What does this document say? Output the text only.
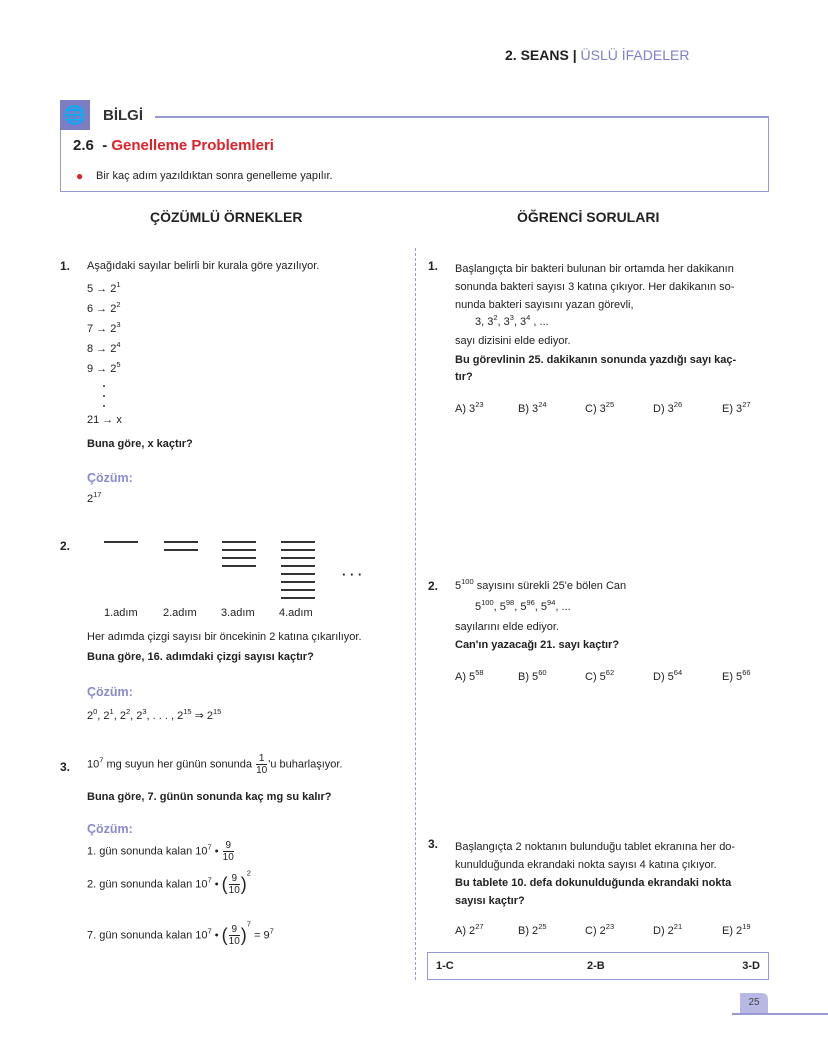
2. SEANS | ÜSLÜ İFADELER
🌐 BİLGİ
2.6 - Genelleme Problemleri
● Bir kaç adım yazıldıktan sonra genelleme yapılır.
ÇÖZÜMLÜ ÖRNEKLER	ÖĞRENCİ SORULARI
1. Aşağıdaki sayılar belirli bir kurala göre yazılıyor.
$5 \to 2^1$
$6 \to 2^2$
$7 \to 2^3$
$8 \to 2^4$
$9 \to 2^5$
21 → x
Buna göre, x kaçtır?
Çözüm:
$2^{17}$
2.
· · ·
1.adım 2.adım 3.adım 4.adım
Her adımda çizgi sayısı bir öncekinin 2 katına çıkarılıyor.
Buna göre, 16. adımdaki çizgi sayısı kaçtır?
Çözüm:
$2^0$, $2^1$, $2^2$, $2^3$, . . . , $2^{15}$ ⇒ $2^{15}$
3. $10^7$ mg suyun her günün sonunda $\frac{1}{10}$ 'u buharlaşıyor.
Buna göre, 7. günün sonunda kaç mg su kalır?
Çözüm:
1. gün sonunda kalan $10^7$ • $\frac{9}{10}$
2. gün sonunda kalan $10^7$ • ( $\frac{9}{10} )^2$
7. gün sonunda kalan $10^7$ • ( $\frac{9}{10} )^7 = 9^7$
1. Başlangıçta bir bakteri bulunan bir ortamda her dakikanın
sonunda bakteri sayısı 3 katına çıkıyor. Her dakikanın so-
nunda bakteri sayısını yazan görevli,
3, $3^2$, $3^3$, $3^4$ , ...
sayı dizisini elde ediyor.
Bu görevlinin 25. dakikanın sonunda yazdığı sayı kaç-
tır?
A) $3^{23}$	B) $3^{24}$	C) $3^{25}$	D) $3^{26}$	E) $3^{27}$
2. $5^{100}$ sayısını sürekli 25'e bölen Can
$5^{100}$, $5^{98}$, $5^{96}$, $5^{94}$, ...
sayılarını elde ediyor.
Can'ın yazacağı 21. sayı kaçtır?
A) $5^{58}$	B) $5^{60}$	C) $5^{62}$	D) $5^{64}$	E) $5^{66}$
3. Başlangıçta 2 noktanın bulunduğu tablet ekranına her do-
kunulduğunda ekrandaki nokta sayısı 4 katına çıkıyor.
Bu tablete 10. defa dokunulduğunda ekrandaki nokta
sayısı kaçtır?
A) $2^{27}$	B) $2^{25}$	C) $2^{23}$	D) $2^{21}$	E) $2^{19}$
1-C	2-B	3-D
25
